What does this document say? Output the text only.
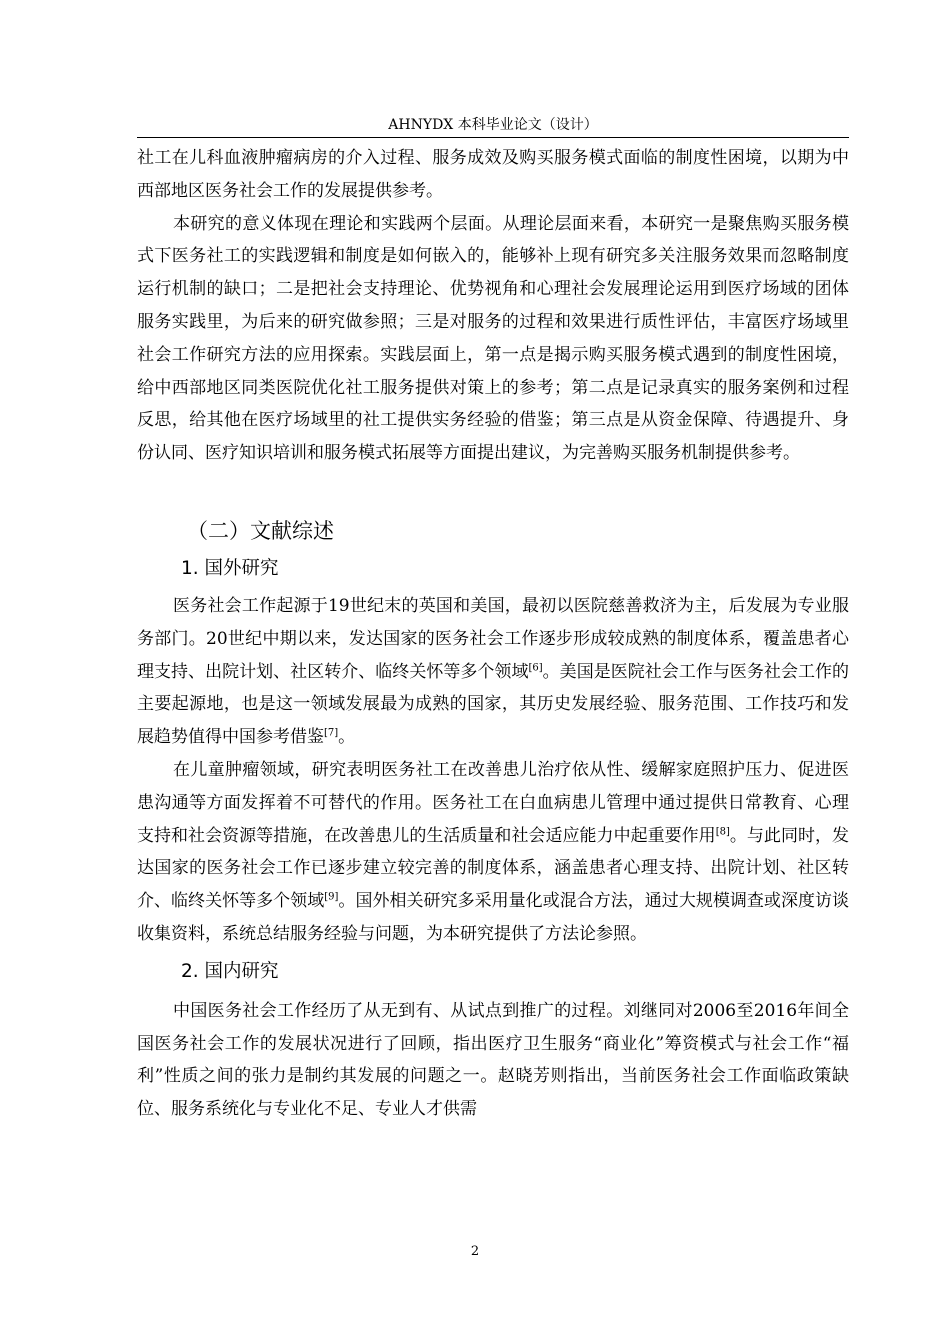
AHNYDX 本科毕业论文（设计）

社工在儿科血液肿瘤病房的介入过程、服务成效及购买服务模式面临的制度性困境，以期为中西部地区医务社会工作的发展提供参考。

本研究的意义体现在理论和实践两个层面。从理论层面来看，本研究一是聚焦购买服务模式下医务社工的实践逻辑和制度是如何嵌入的，能够补上现有研究多关注服务效果而忽略制度运行机制的缺口；二是把社会支持理论、优势视角和心理社会发展理论运用到医疗场域的团体服务实践里，为后来的研究做参照；三是对服务的过程和效果进行质性评估，丰富医疗场域里社会工作研究方法的应用探索。实践层面上，第一点是揭示购买服务模式遇到的制度性困境，给中西部地区同类医院优化社工服务提供对策上的参考；第二点是记录真实的服务案例和过程反思，给其他在医疗场域里的社工提供实务经验的借鉴；第三点是从资金保障、待遇提升、身份认同、医疗知识培训和服务模式拓展等方面提出建议，为完善购买服务机制提供参考。

（二）文献综述
1. 国外研究

医务社会工作起源于19世纪末的英国和美国，最初以医院慈善救济为主，后发展为专业服务部门。20世纪中期以来，发达国家的医务社会工作逐步形成较成熟的制度体系，覆盖患者心理支持、出院计划、社区转介、临终关怀等多个领域[6]。美国是医院社会工作与医务社会工作的主要起源地，也是这一领域发展最为成熟的国家，其历史发展经验、服务范围、工作技巧和发展趋势值得中国参考借鉴[7]。

在儿童肿瘤领域，研究表明医务社工在改善患儿治疗依从性、缓解家庭照护压力、促进医患沟通等方面发挥着不可替代的作用。医务社工在白血病患儿管理中通过提供日常教育、心理支持和社会资源等措施，在改善患儿的生活质量和社会适应能力中起重要作用[8]。与此同时，发达国家的医务社会工作已逐步建立较完善的制度体系，涵盖患者心理支持、出院计划、社区转介、临终关怀等多个领域[9]。国外相关研究多采用量化或混合方法，通过大规模调查或深度访谈收集资料，系统总结服务经验与问题，为本研究提供了方法论参照。

2. 国内研究

中国医务社会工作经历了从无到有、从试点到推广的过程。刘继同对2006至2016年间全国医务社会工作的发展状况进行了回顾，指出医疗卫生服务“商业化”筹资模式与社会工作“福利”性质之间的张力是制约其发展的问题之一。赵晓芳则指出，当前医务社会工作面临政策缺位、服务系统化与专业化不足、专业人才供需

2
